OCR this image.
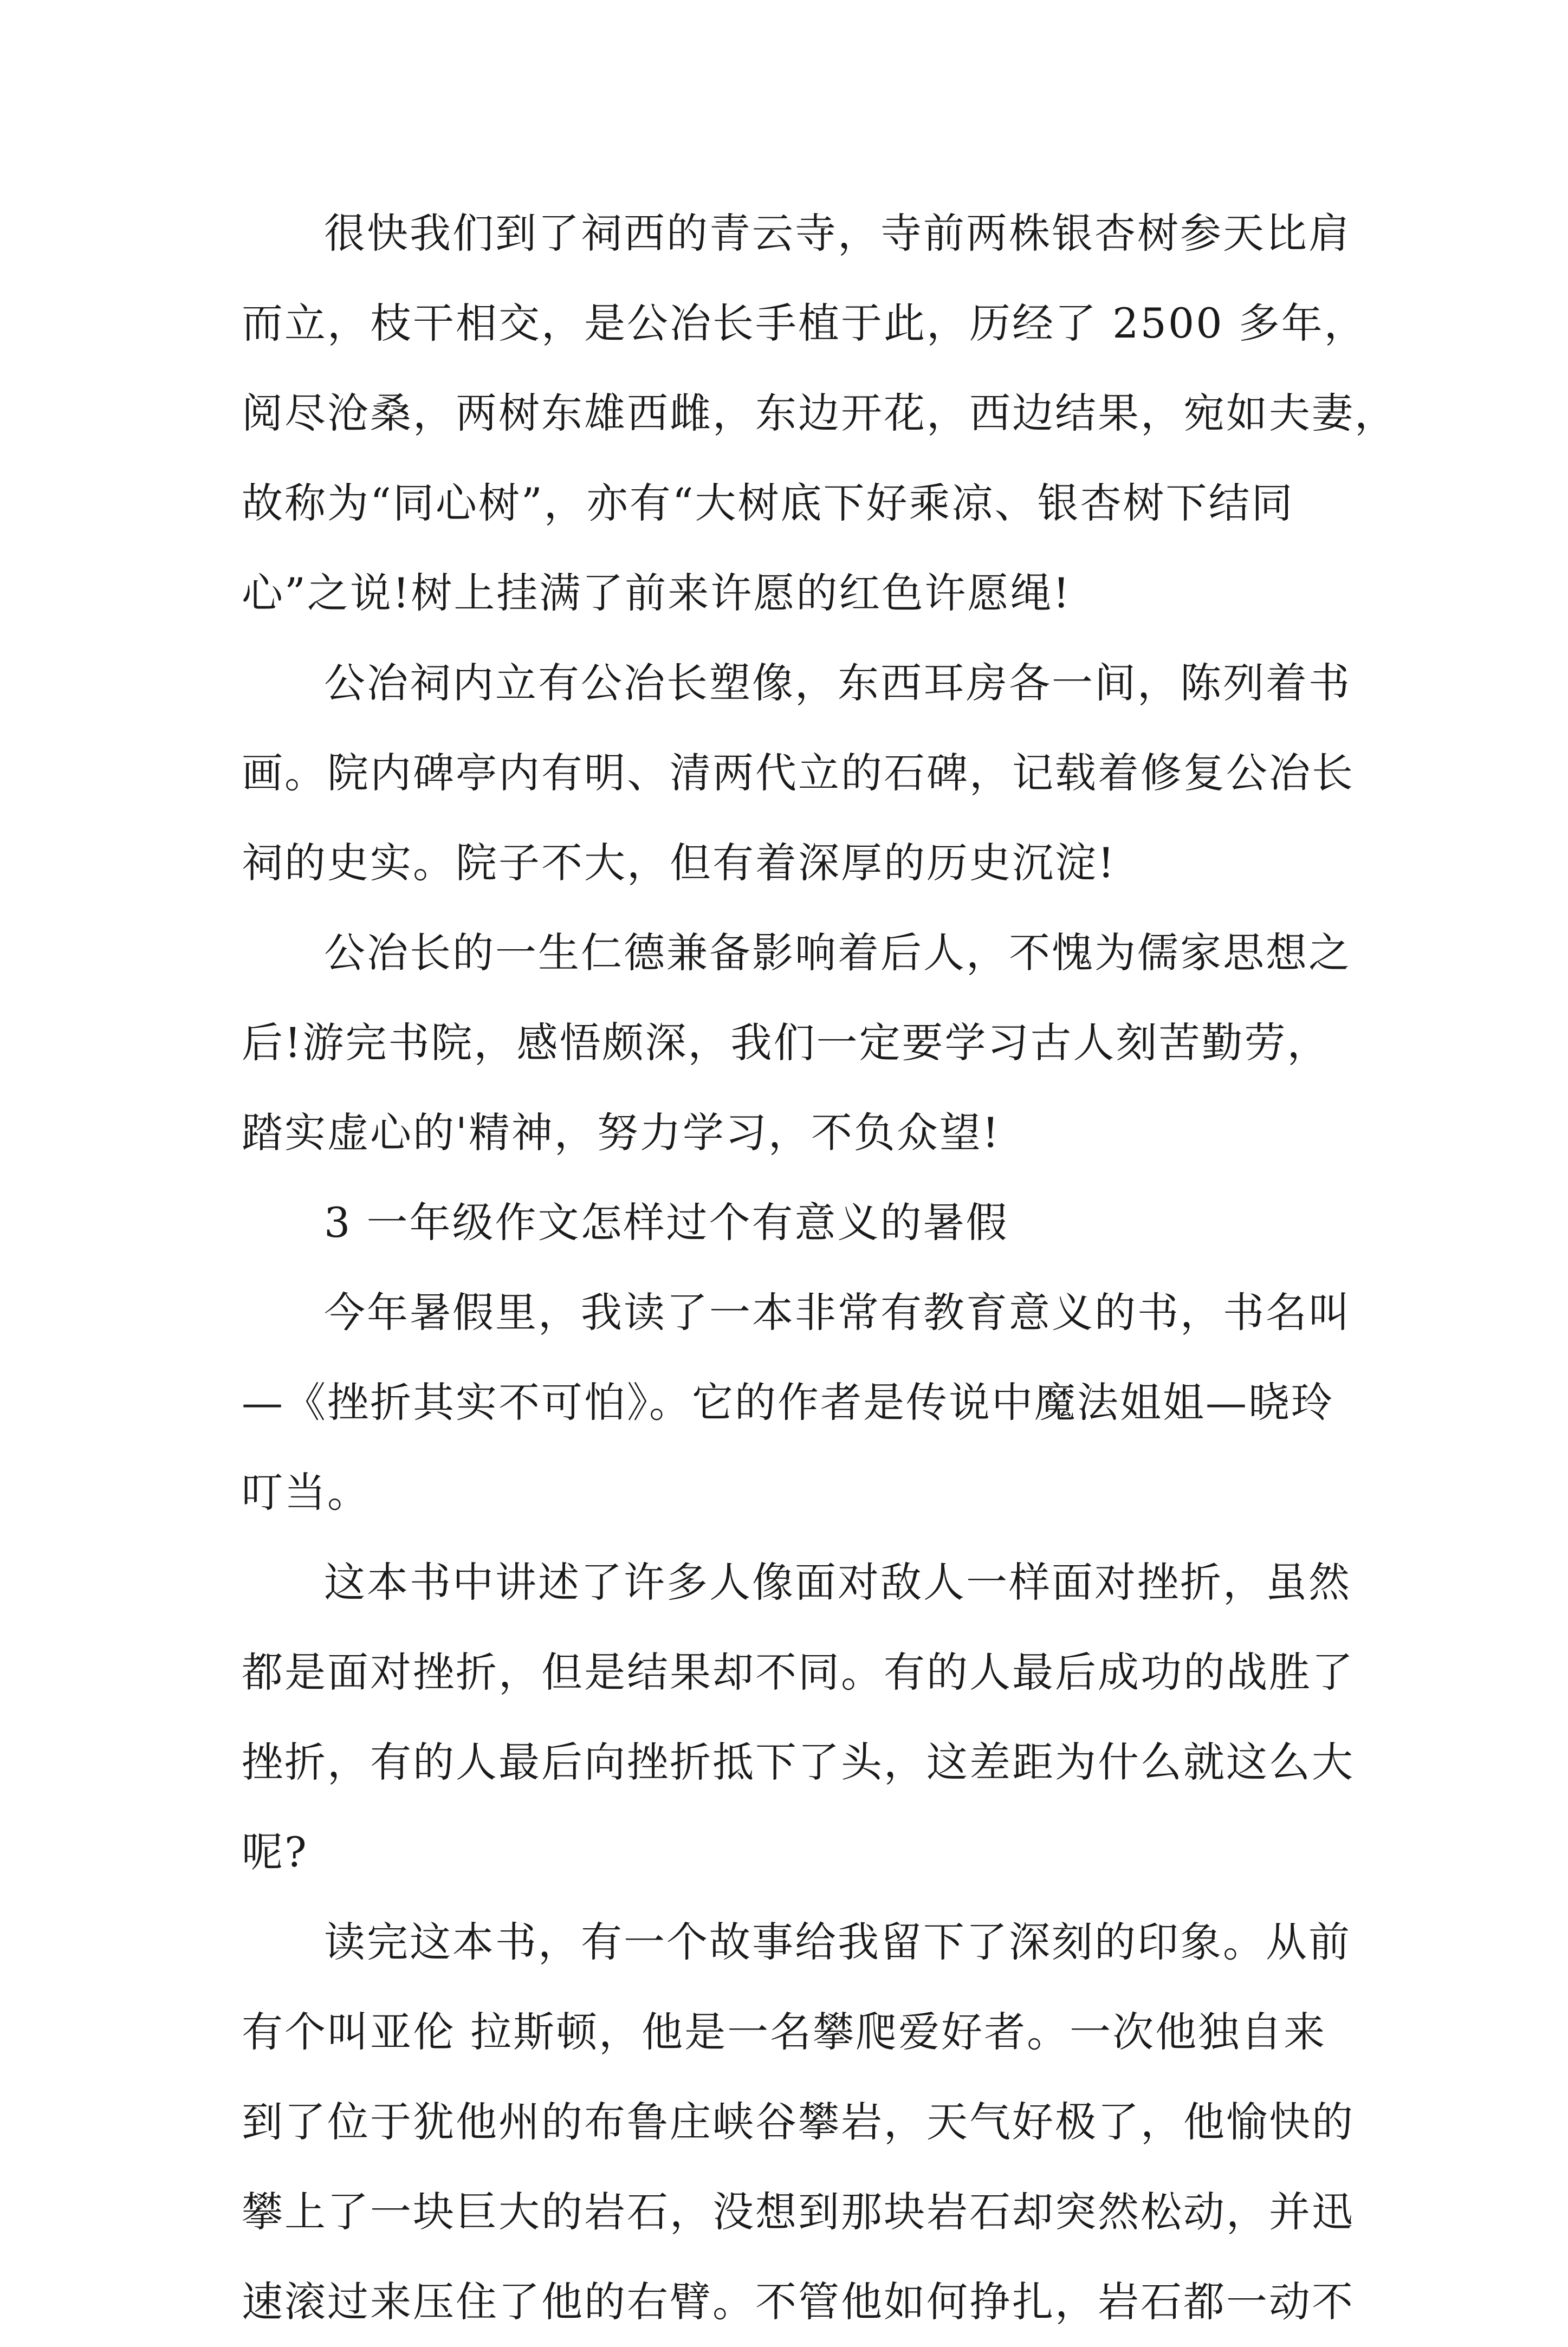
很快我们到了祠西的青云寺，寺前两株银杏树参天比肩
而立，枝干相交，是公冶长手植于此，历经了 2500 多年，
阅尽沧桑，两树东雄西雌，东边开花，西边结果，宛如夫妻，
故称为“同心树”，亦有“大树底下好乘凉、银杏树下结同
心”之说!树上挂满了前来许愿的红色许愿绳!
公冶祠内立有公冶长塑像，东西耳房各一间，陈列着书
画。院内碑亭内有明、清两代立的石碑，记载着修复公冶长
祠的史实。院子不大，但有着深厚的历史沉淀!
公冶长的一生仁德兼备影响着后人，不愧为儒家思想之
后!游完书院，感悟颇深，我们一定要学习古人刻苦勤劳，
踏实虚心的'精神，努力学习，不负众望!
3 一年级作文怎样过个有意义的暑假
今年暑假里，我读了一本非常有教育意义的书，书名叫
—《挫折其实不可怕》。它的作者是传说中魔法姐姐—晓玲
叮当。
这本书中讲述了许多人像面对敌人一样面对挫折，虽然
都是面对挫折，但是结果却不同。有的人最后成功的战胜了
挫折，有的人最后向挫折抵下了头，这差距为什么就这么大
呢?
读完这本书，有一个故事给我留下了深刻的印象。从前
有个叫亚伦 拉斯顿，他是一名攀爬爱好者。一次他独自来
到了位于犹他州的布鲁庄峡谷攀岩，天气好极了，他愉快的
攀上了一块巨大的岩石，没想到那块岩石却突然松动，并迅
速滚过来压住了他的右臂。不管他如何挣扎，岩石都一动不
